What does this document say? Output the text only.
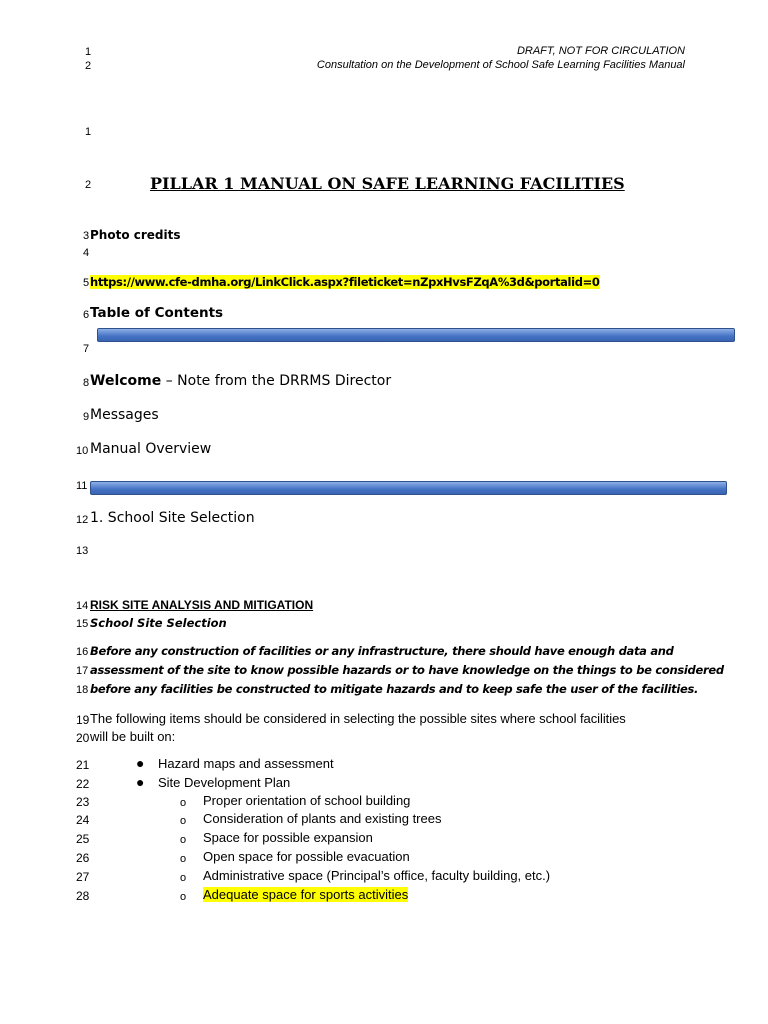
1
2
DRAFT, NOT FOR CIRCULATION
Consultation on the Development of School Safe Learning Facilities Manual
1
2	PILLAR 1 MANUAL ON SAFE LEARNING FACILITIES
3 Photo credits
4
5 https://www.cfe-dmha.org/LinkClick.aspx?fileticket=nZpxHvsFZqA%3d&portalid=0
6 Table of Contents
7
8 Welcome – Note from the DRRMS Director
9 Messages
10 Manual Overview
11
12 1. School Site Selection
13
14 RISK SITE ANALYSIS AND MITIGATION
15 School Site Selection
16 Before any construction of facilities or any infrastructure, there should have enough data and
17 assessment of the site to know possible hazards or to have knowledge on the things to be considered
18 before any facilities be constructed to mitigate hazards and to keep safe the user of the facilities.
19 The following items should be considered in selecting the possible sites where school facilities
20 will be built on:
21	● Hazard maps and assessment
22	● Site Development Plan
23	o Proper orientation of school building
24	o Consideration of plants and existing trees
25	o Space for possible expansion
26	o Open space for possible evacuation
27	o Administrative space (Principal’s office, faculty building, etc.)
28	o Adequate space for sports activities
